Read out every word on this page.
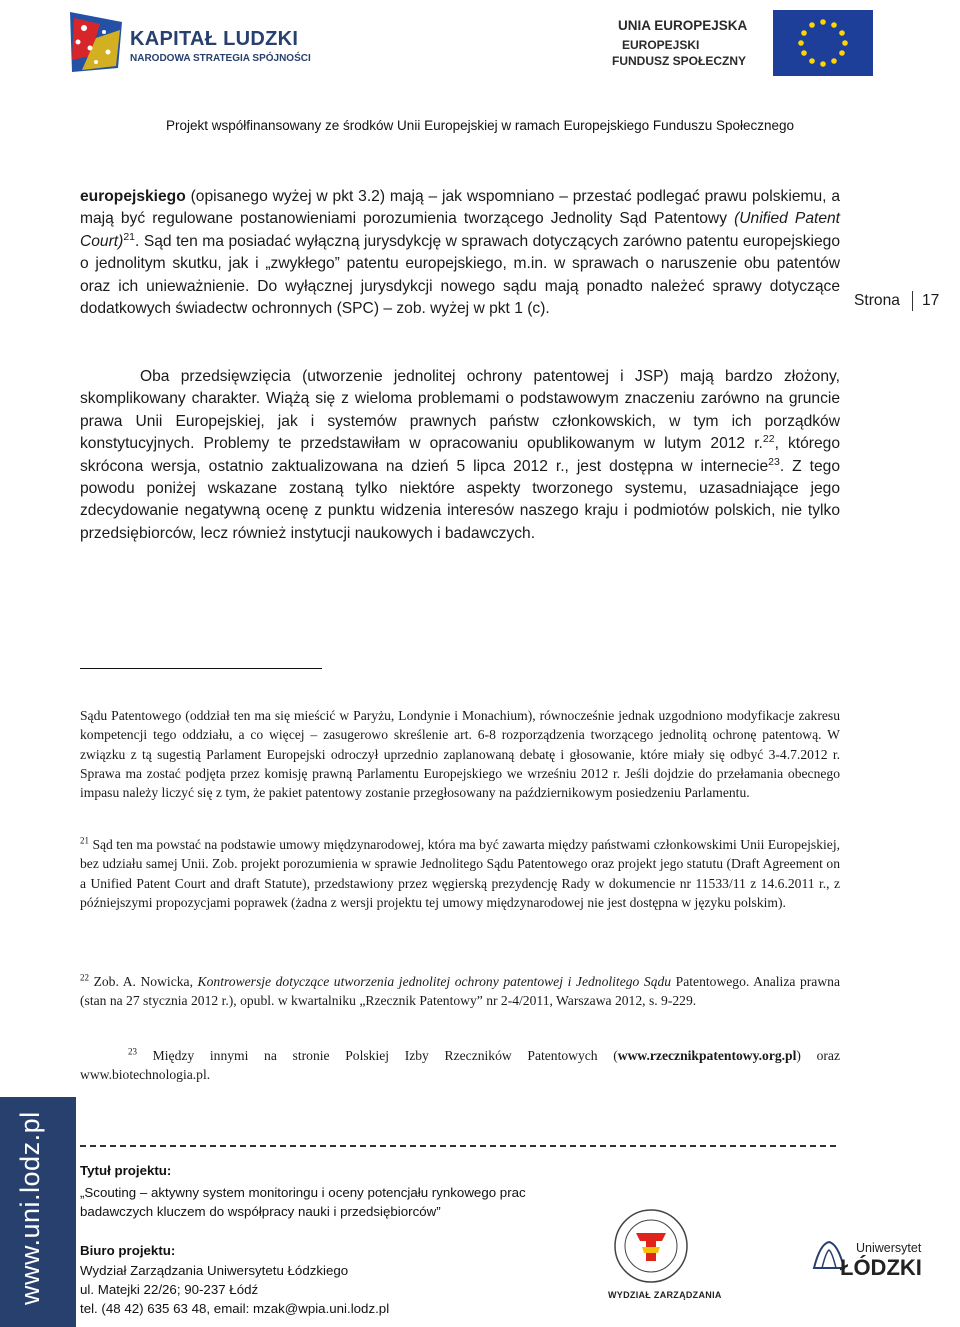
KAPITAŁ LUDZKI
NARODOWA STRATEGIA SPÓJNOŚCI
UNIA EUROPEJSKA
EUROPEJSKI
FUNDUSZ SPOŁECZNY
Projekt współfinansowany ze środków Unii Europejskiej w ramach Europejskiego Funduszu Społecznego
europejskiego (opisanego wyżej w pkt 3.2) mają – jak wspomniano – przestać podlegać prawu polskiemu, a mają być regulowane postanowieniami porozumienia tworzącego Jednolity Sąd Patentowy (Unified Patent Court)$^{21}$. Sąd ten ma posiadać wyłączną jurysdykcję w sprawach dotyczących zarówno patentu europejskiego o jednolitym skutku, jak i „zwykłego” patentu europejskiego, m.in. w sprawach o naruszenie obu patentów oraz ich unieważnienie. Do wyłącznej jurysdykcji nowego sądu mają ponadto należeć sprawy dotyczące dodatkowych świadectw ochronnych (SPC) – zob. wyżej w pkt 1 (c).	Strona 17
Oba przedsięwzięcia (utworzenie jednolitej ochrony patentowej i JSP) mają bardzo złożony, skomplikowany charakter. Wiążą się z wieloma problemami o podstawowym znaczeniu zarówno na gruncie prawa Unii Europejskiej, jak i systemów prawnych państw członkowskich, w tym ich porządków konstytucyjnych. Problemy te przedstawiłam w opracowaniu opublikowanym w lutym 2012 r.$^{22}$, którego skrócona wersja, ostatnio zaktualizowana na dzień 5 lipca 2012 r., jest dostępna w internecie$^{23}$. Z tego powodu poniżej wskazane zostaną tylko niektóre aspekty tworzonego systemu, uzasadniające jego zdecydowanie negatywną ocenę z punktu widzenia interesów naszego kraju i podmiotów polskich, nie tylko przedsiębiorców, lecz również instytucji naukowych i badawczych.
Sądu Patentowego (oddział ten ma się mieścić w Paryżu, Londynie i Monachium), równocześnie jednak uzgodniono modyfikacje zakresu kompetencji tego oddziału, a co więcej – zasugerowo skreślenie art. 6-8 rozporządzenia tworzącego jednolitą ochronę patentową. W związku z tą sugestią Parlament Europejski odroczył uprzednio zaplanowaną debatę i głosowanie, które miały się odbyć 3-4.7.2012 r. Sprawa ma zostać podjęta przez komisję prawną Parlamentu Europejskiego we wrześniu 2012 r. Jeśli dojdzie do przełamania obecnego impasu należy liczyć się z tym, że pakiet patentowy zostanie przegłosowany na październikowym posiedzeniu Parlamentu.
$^{21}$ Sąd ten ma powstać na podstawie umowy międzynarodowej, która ma być zawarta między państwami członkowskimi Unii Europejskiej, bez udziału samej Unii. Zob. projekt porozumienia w sprawie Jednolitego Sądu Patentowego oraz projekt jego statutu (Draft Agreement on a Unified Patent Court and draft Statute), przedstawiony przez węgierską prezydencję Rady w dokumencie nr 11533/11 z 14.6.2011 r., z późniejszymi propozycjami poprawek (żadna z wersji projektu tej umowy międzynarodowej nie jest dostępna w języku polskim).
$^{22}$ Zob. A. Nowicka, Kontrowersje dotyczące utworzenia jednolitej ochrony patentowej i Jednolitego Sądu Patentowego. Analiza prawna (stan na 27 stycznia 2012 r.), opubl. w kwartalniku „Rzecznik Patentowy” nr 2-4/2011, Warszawa 2012, s. 9-229.
$^{23}$ Między innymi na stronie Polskiej Izby Rzeczników Patentowych (www.rzecznikpatentowy.org.pl) oraz www.biotechnologia.pl.
www.uni.lodz.pl	Tytuł projektu:
„Scouting – aktywny system monitoringu i oceny potencjału rynkowego prac
badawczych kluczem do współpracy nauki i przedsiębiorców”
Biuro projektu:
Wydział Zarządzania Uniwersytetu Łódzkiego
ul. Matejki 22/26; 90-237 Łódź
tel. (48 42) 635 63 48, email: mzak@wpia.uni.lodz.pl
WYDZIAŁ ZARZĄDZANIA
Uniwersytet
ŁÓDZKI
